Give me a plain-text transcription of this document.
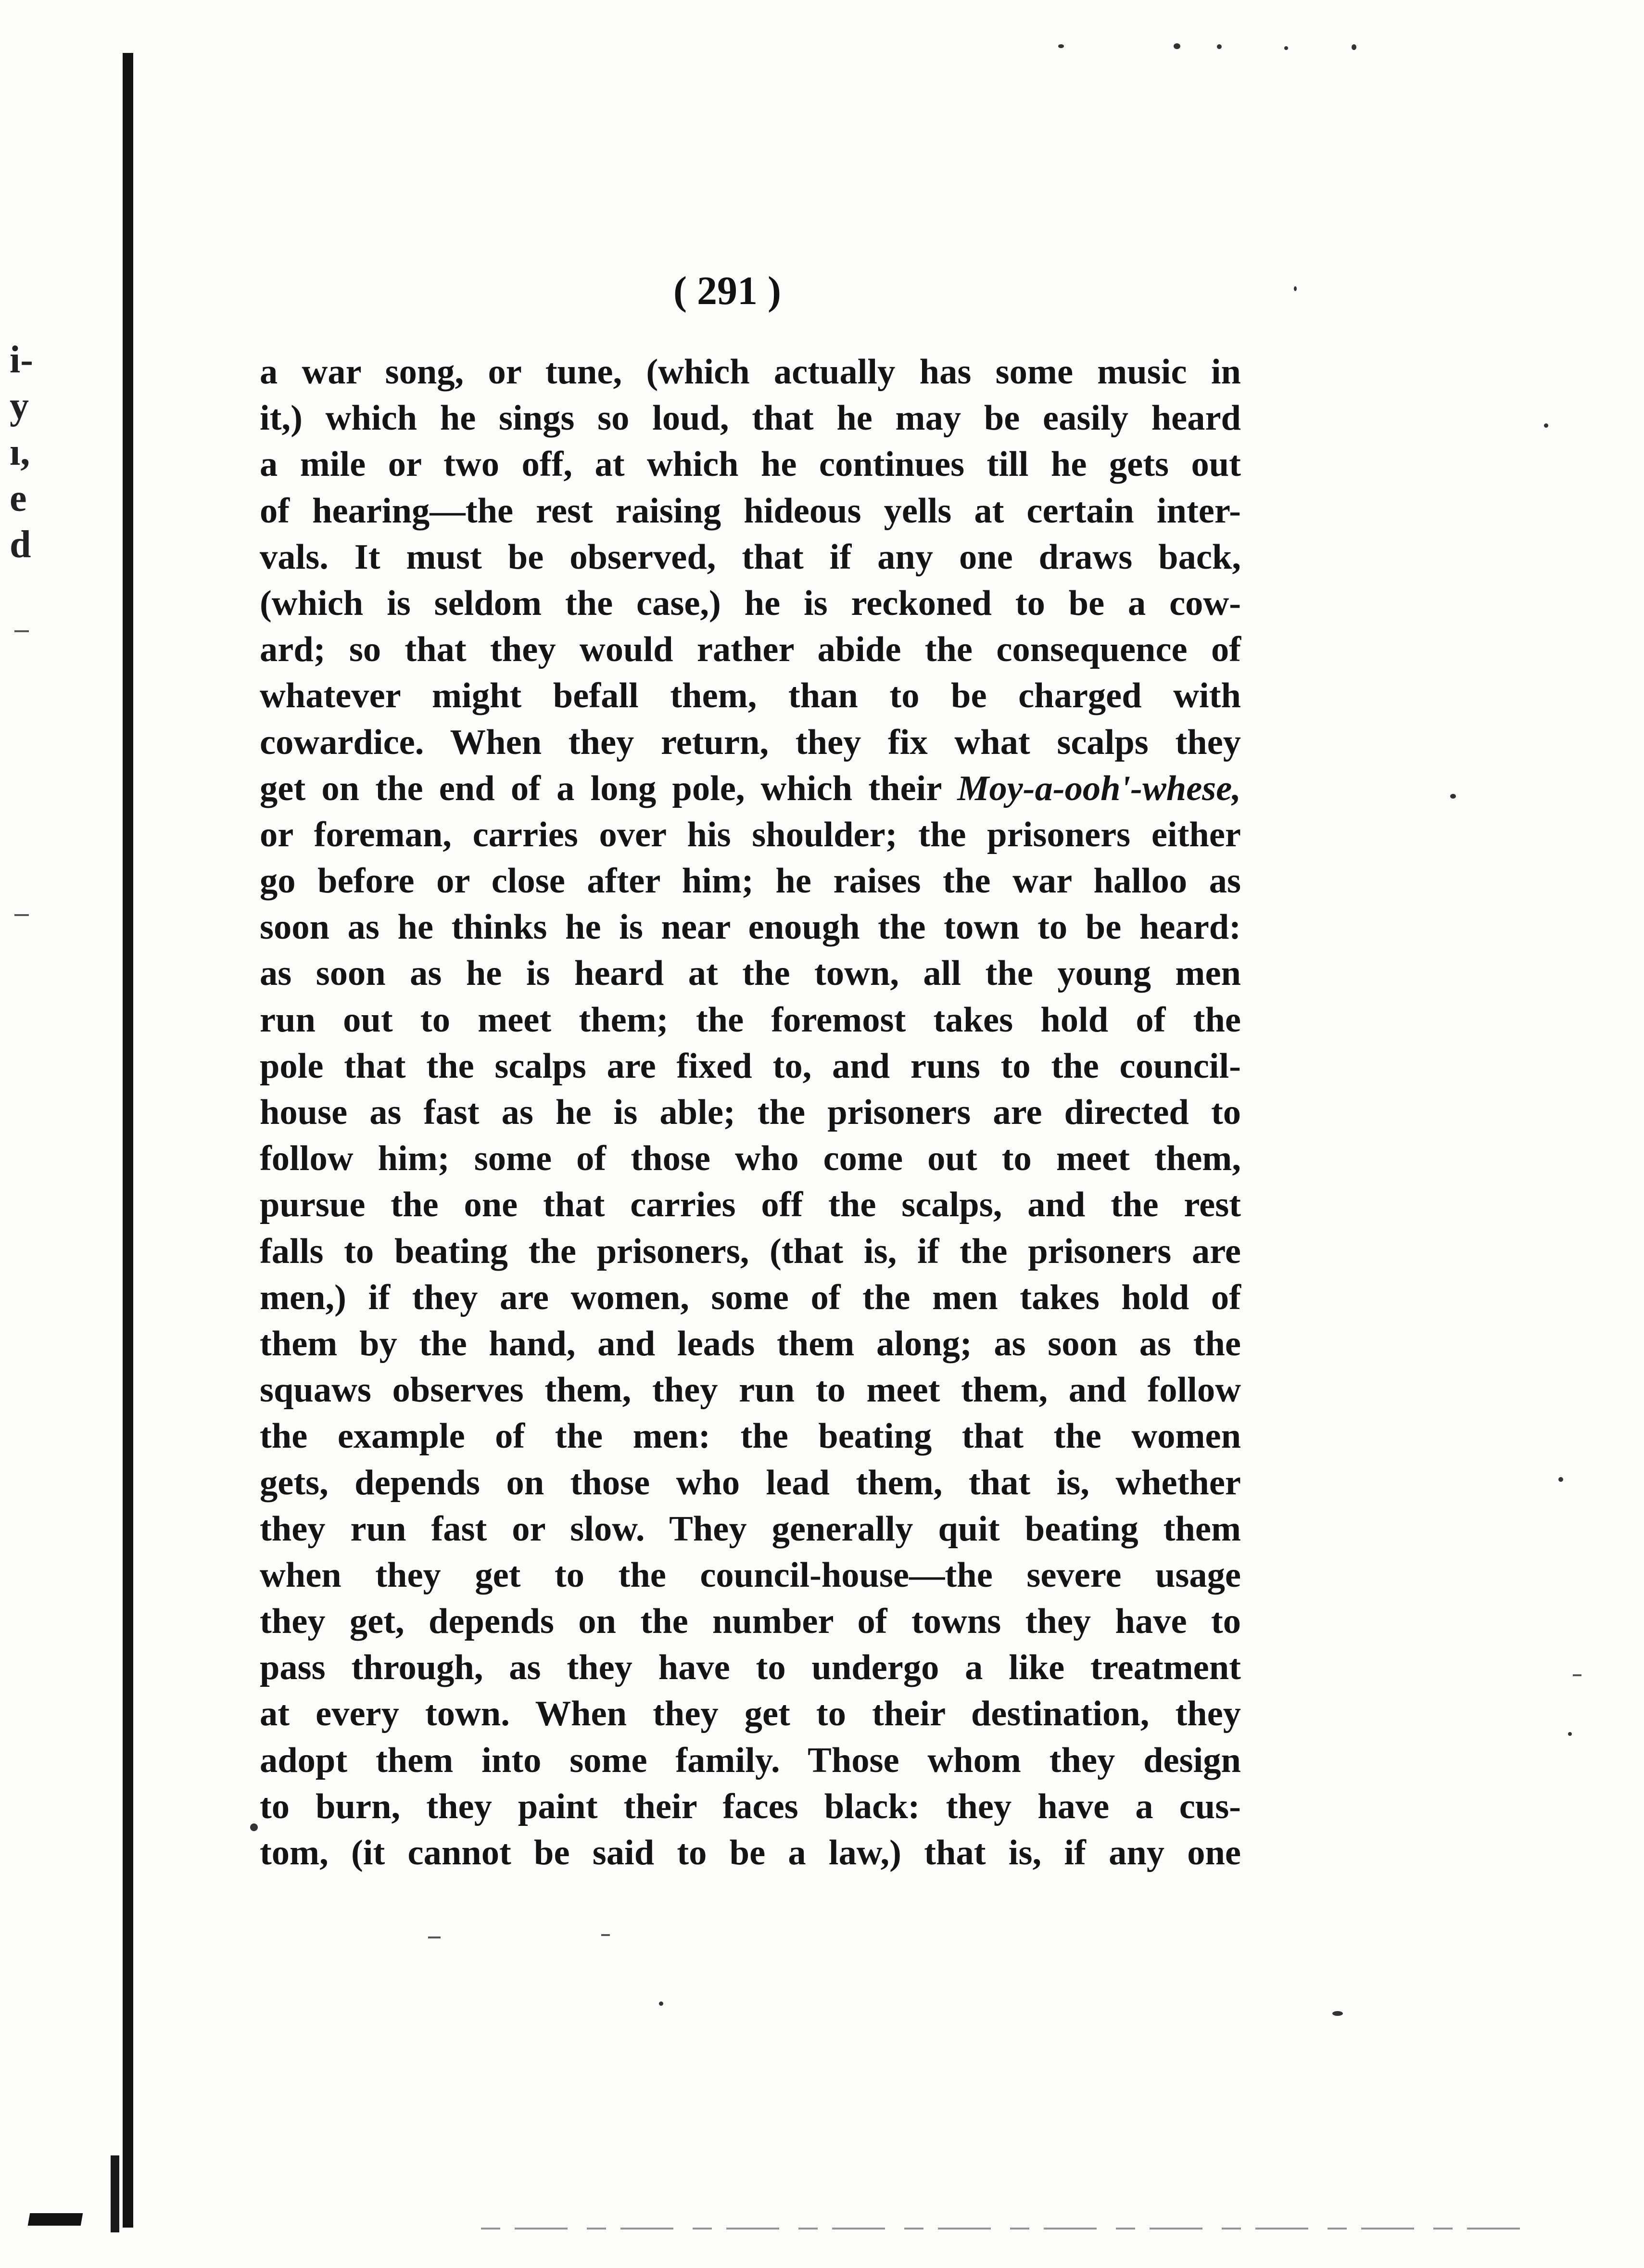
i-
y
ı,
e
d
( 291 )
a war song, or tune, (which actually has some music in
it,) which he sings so loud, that he may be easily heard
a mile or two off, at which he continues till he gets out
of hearing—the rest raising hideous yells at certain inter-
vals. It must be observed, that if any one draws back,
(which is seldom the case,) he is reckoned to be a cow-
ard; so that they would rather abide the consequence of
whatever might befall them, than to be charged with
cowardice. When they return, they fix what scalps they
get on the end of a long pole, which their Moy-a-ooh'-whese,
or foreman, carries over his shoulder; the prisoners either
go before or close after him; he raises the war halloo as
soon as he thinks he is near enough the town to be heard:
as soon as he is heard at the town, all the young men
run out to meet them; the foremost takes hold of the
pole that the scalps are fixed to, and runs to the council-
house as fast as he is able; the prisoners are directed to
follow him; some of those who come out to meet them,
pursue the one that carries off the scalps, and the rest
falls to beating the prisoners, (that is, if the prisoners are
men,) if they are women, some of the men takes hold of
them by the hand, and leads them along; as soon as the
squaws observes them, they run to meet them, and follow
the example of the men: the beating that the women
gets, depends on those who lead them, that is, whether
they run fast or slow. They generally quit beating them
when they get to the council-house—the severe usage
they get, depends on the number of towns they have to
pass through, as they have to undergo a like treatment
at every town. When they get to their destination, they
adopt them into some family. Those whom they design
to burn, they paint their faces black: they have a cus-
tom, (it cannot be said to be a law,) that is, if any one
